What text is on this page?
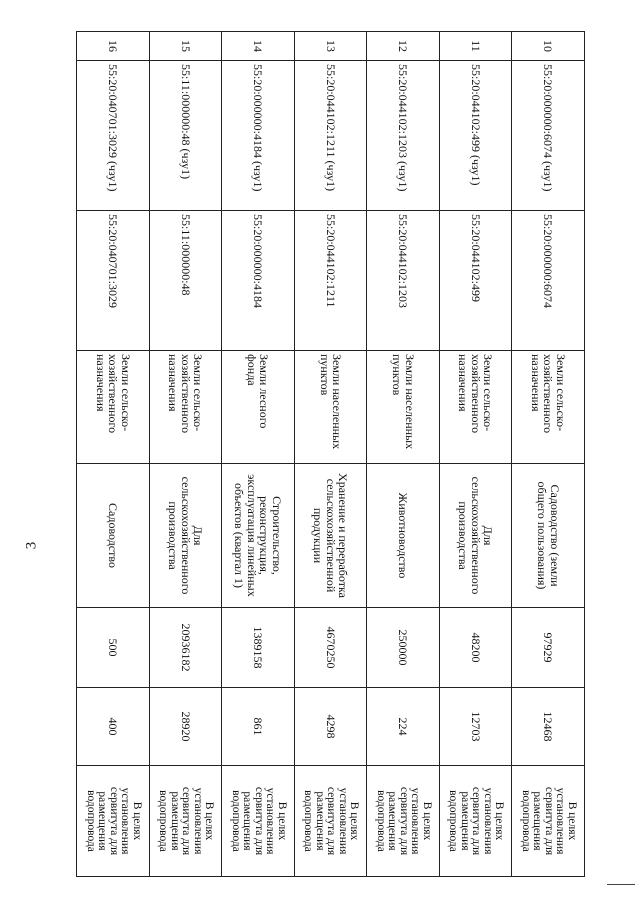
3
10	55:20:000000:6074 (чзу1)	55:20:000000:6074	Земли сельско-хозяйственного назначения	Садоводство (земли общего пользования)	97929	12468	В целях установления сервитута для размещения водопровода
11	55:20:044102:499 (чзу1)	55:20:044102:499	Земли сельско-хозяйственного назначения	Для сельскохозяйственного производства	48200	12703	В целях установления сервитута для размещения водопровода
12	55:20:044102:1203 (чзу1)	55:20:044102:1203	Земли населенных пунктов	Животноводство	250000	224	В целях установления сервитута для размещения водопровода
13	55:20:044102:1211 (чзу1)	55:20:044102:1211	Земли населенных пунктов	Хранение и переработка сельскохозяйственной продукции	4670250	4298	В целях установления сервитута для размещения водопровода
14	55:20:000000:4184 (чзу1)	55:20:000000:4184	Земли лесного фонда	Строительство, реконструкция, эксплуатация линейных объектов (квартал 1)	1389158	861	В целях установления сервитута для размещения водопровода
15	55:11:000000:48 (чзу1)	55:11:000000:48	Земли сельско-хозяйственного назначения	Для сельскохозяйственного производства	20936182	28920	В целях установления сервитута для размещения водопровода
16	55:20:040701:3029 (чзу1)	55:20:040701:3029	Земли сельско-хозяйственного назначения	Садоводство	500	400	В целях установления сервитута для размещения водопровода
